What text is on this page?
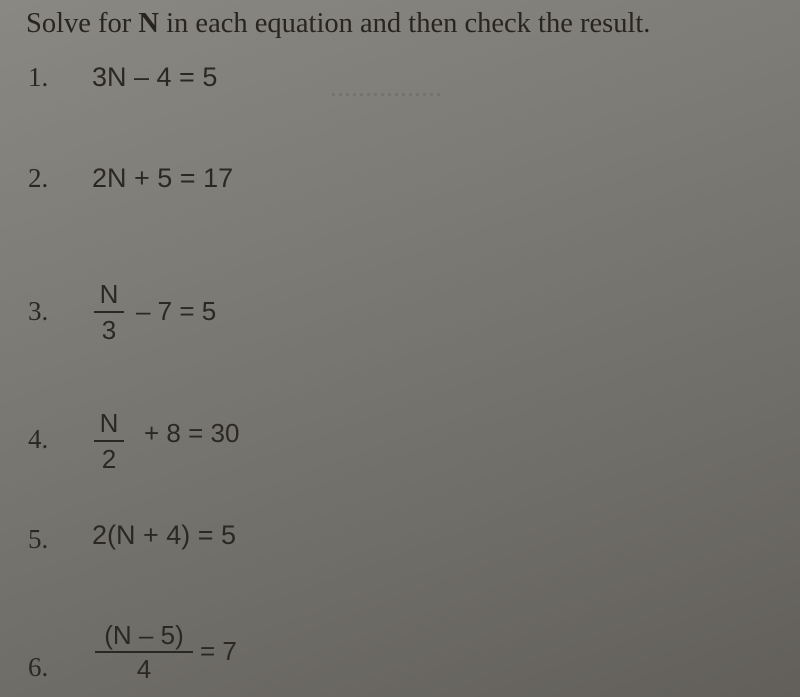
................
Solve for N in each equation and then check the result.
1. 3N – 4 = 5
2. 2N + 5 = 17
3.
N
3
– 7 = 5
4.
N
2
+ 8 = 30
5. 2(N + 4) = 5
6.
(N – 5)
4
= 7
